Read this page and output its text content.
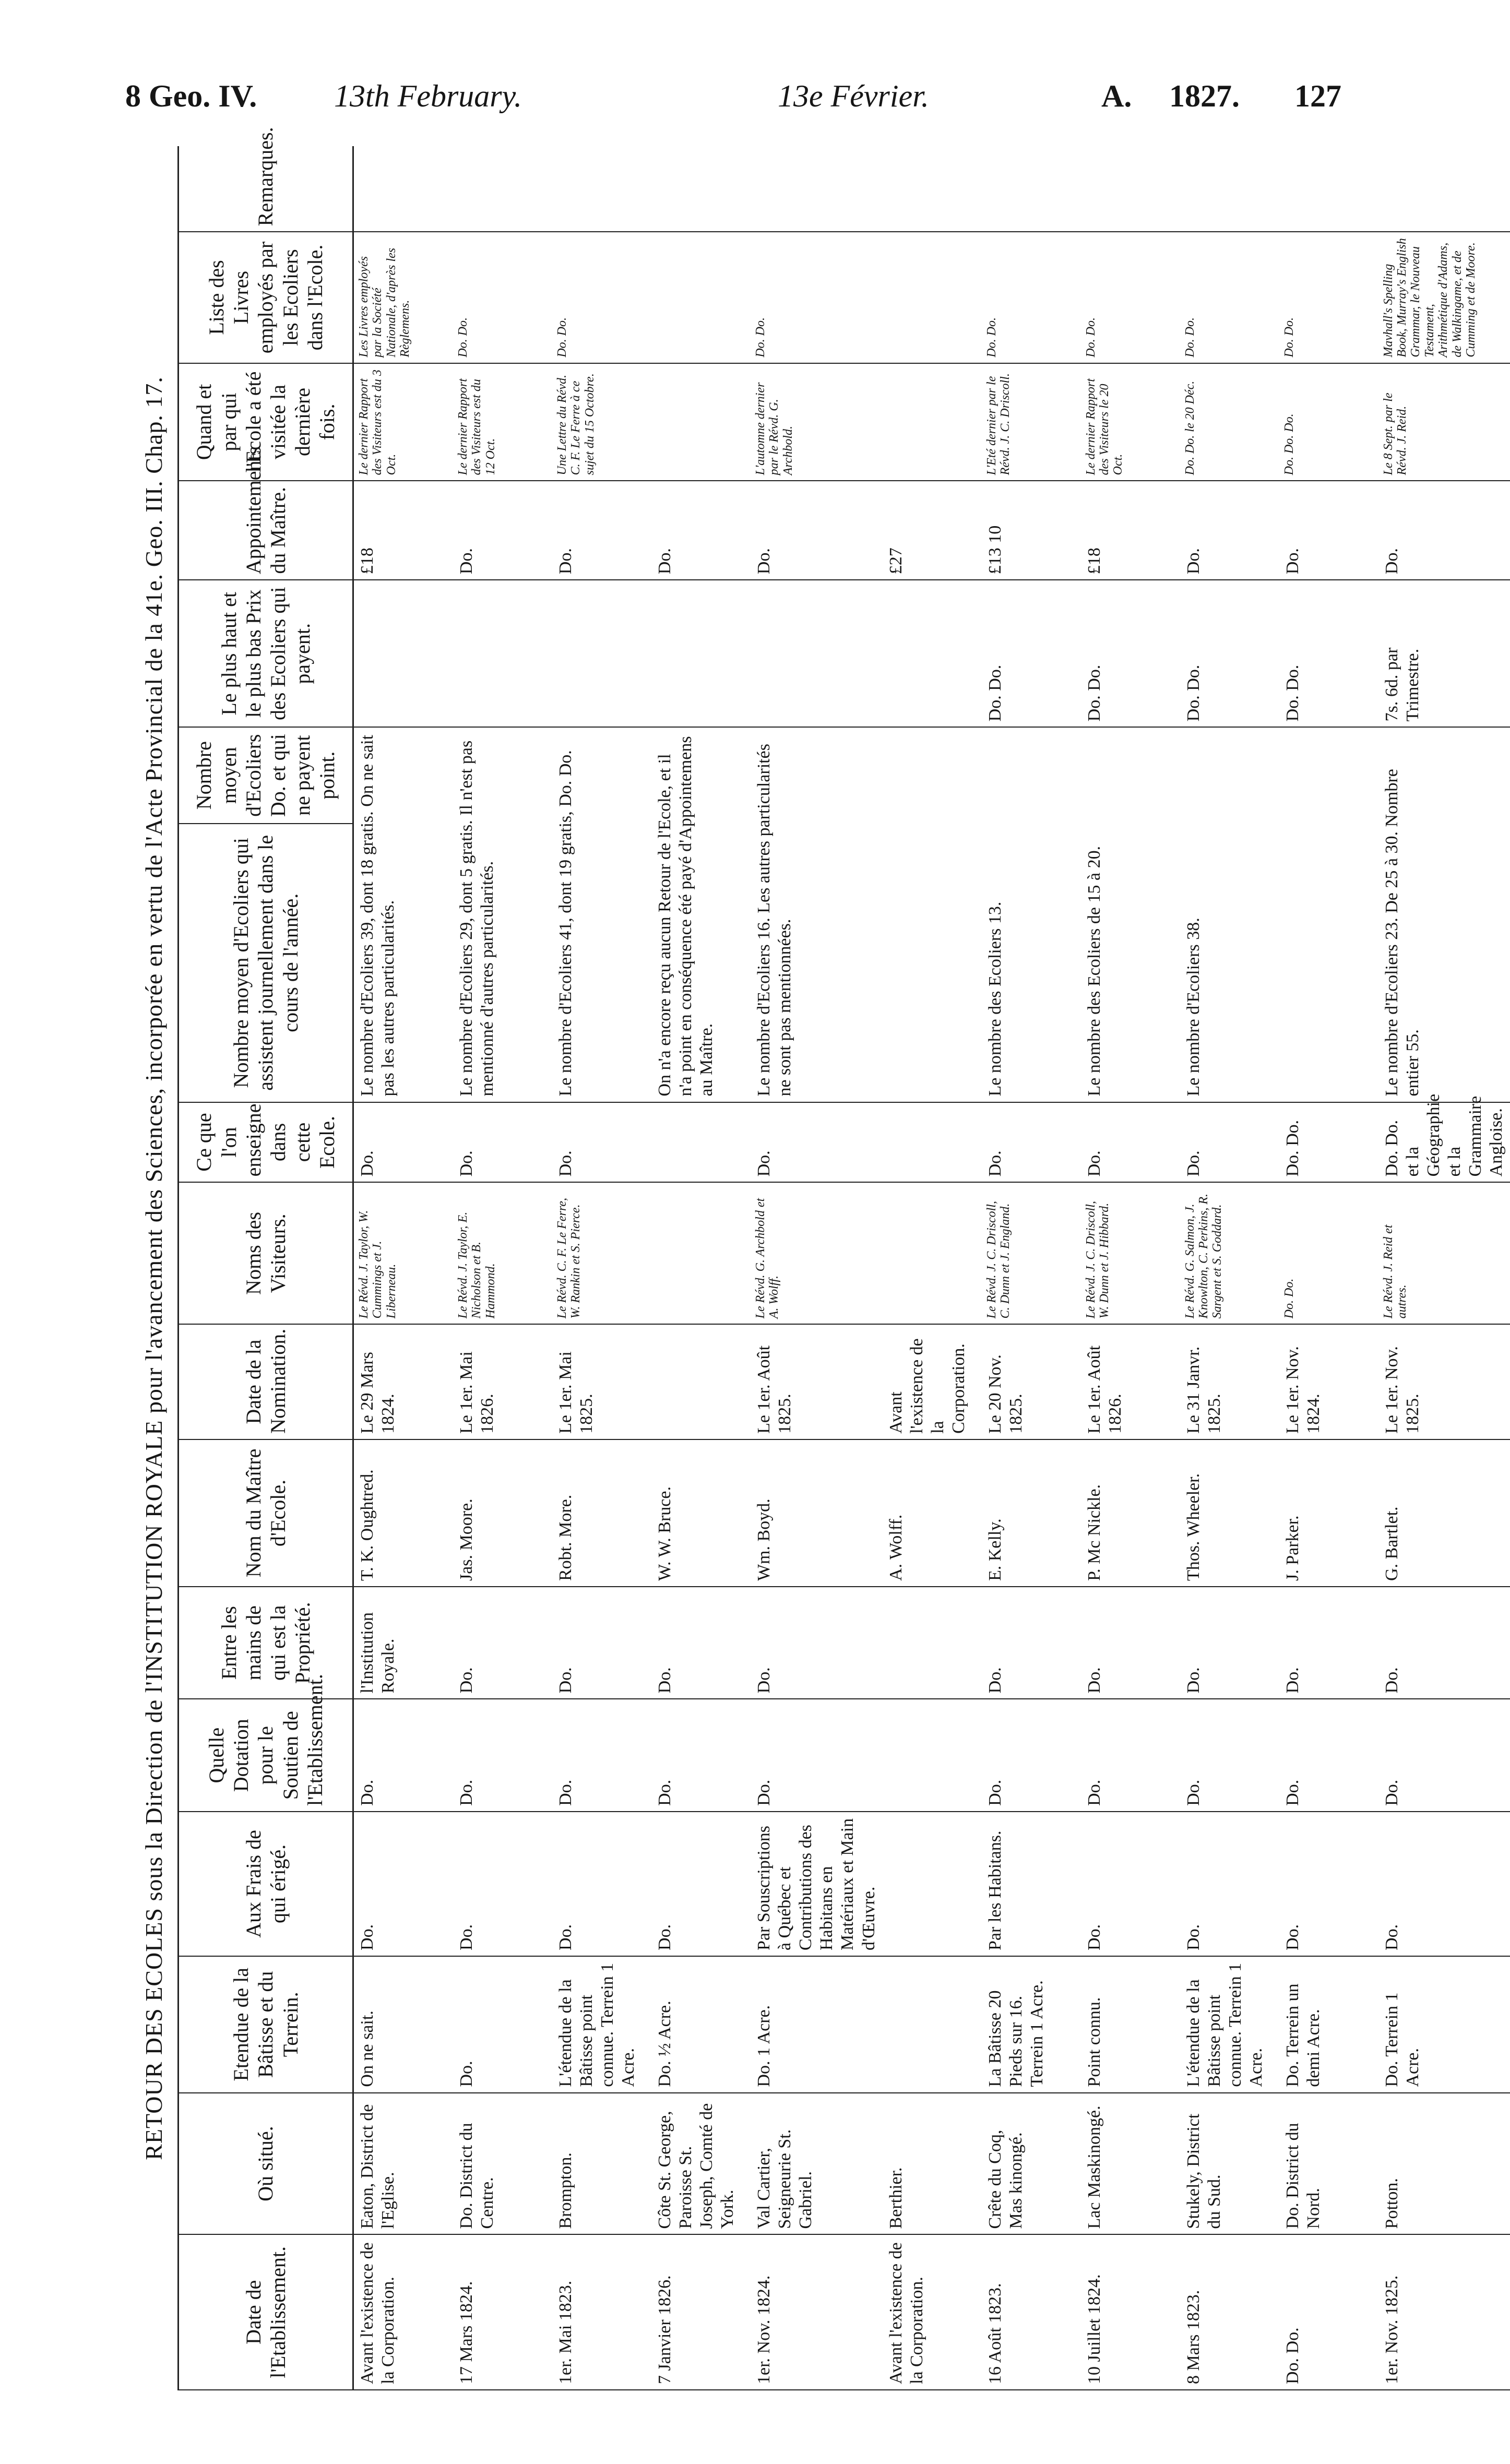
8 Geo. IV. 13th February.	13e Février.	A. 1827. 127
RETOUR DES ECOLES sous la Direction de l'INSTITUTION ROYALE pour l'avancement des Sciences, incorporée en vertu de l'Acte Provincial de la 41e. Geo. III. Chap. 17.
Date de l'Etablissement.	Où situé.	Etendue de la Bâtisse et du Terrein.	Aux Frais de qui érigé.	Quelle Dotation pour le Soutien de l'Etablissement.	Entre les mains de qui est la Propriété.	Nom du Maître d'Ecole.	Date de la Nomination.	Noms des Visiteurs.	Ce que l'on enseigne dans cette Ecole.	Nombre moyen d'Ecoliers qui assistent journellement dans le cours de l'année.	Nombre moyen d'Ecoliers Do. et qui ne payent point.	Le plus haut et le plus bas Prix des Ecoliers qui payent.	Appointements du Maître.	Quand et par qui l'Ecole a été visitée la dernière fois.	Liste des Livres employés par les Ecoliers dans l'Ecole.	Remarques.
Avant l'existence de la Corporation.	Eaton, District de l'Eglise.	On ne sait.	Do.	Do.	l'Institution Royale.	T. K. Oughtred.	Le 29 Mars 1824.	Le Révd. J. Taylor, W. Cummings et J. Liberneau.	Do.	Le nombre d'Ecoliers 39, dont 18 gratis. On ne sait pas les autres particularités.			£18	Le dernier Rapport des Visiteurs est du 3 Oct.	Les Livres employés par la Société Nationale, d'après les Règlemens.	
17 Mars 1824.	Do. District du Centre.	Do.	Do.	Do.	Do.	Jas. Moore.	Le 1er. Mai 1826.	Le Révd. J. Taylor, E. Nicholson et B. Hammond.	Do.	Le nombre d'Ecoliers 29, dont 5 gratis. Il n'est pas mentionné d'autres particularités.			Do.	Le dernier Rapport des Visiteurs est du 12 Oct.	Do. Do.	
1er. Mai 1823.	Brompton.	L'étendue de la Bâtisse point connue. Terrein 1 Acre.	Do.	Do.	Do.	Robt. More.	Le 1er. Mai 1825.	Le Révd. C. F. Le Ferre, W. Rankin et S. Pierce.	Do.	Le nombre d'Ecoliers 41, dont 19 gratis, Do. Do.			Do.	Une Lettre du Révd. C. F. Le Ferre à ce sujet du 15 Octobre.	Do. Do.	
7 Janvier 1826.	Côte St. George, Paroisse St. Joseph, Comté de York.	Do. ½ Acre.	Do.	Do.	Do.	W. W. Bruce.				On n'a encore reçu aucun Retour de l'Ecole, et il n'a point en conséquence été payé d'Appointemens au Maître.			Do.			
1er. Nov. 1824.	Val Cartier, Seigneurie St. Gabriel.	Do. 1 Acre.	Par Souscriptions à Québec et Contributions des Habitans en Matériaux et Main d'Œuvre.	Do.	Do.	Wm. Boyd.	Le 1er. Août 1825.	Le Révd. G. Archbold et A. Wolff.	Do.	Le nombre d'Ecoliers 16. Les autres particularités ne sont pas mentionnées.			Do.	L'automne dernier par le Révd. G. Archbold.	Do. Do.	
Avant l'existence de la Corporation.	Berthier.					A. Wolff.	Avant l'existence de la Corporation.						£27			
16 Août 1823.	Crête du Coq, Mas kinongé.	La Bâtisse 20 Pieds sur 16. Terrein 1 Acre.	Par les Habitans.	Do.	Do.	E. Kelly.	Le 20 Nov. 1825.	Le Révd. J. C. Driscoll, C. Dunn et J. England.	Do.	Le nombre des Ecoliers 13.		Do. Do.	£13 10	L'Eté dernier par le Révd. J. C. Driscoll.	Do. Do.	
10 Juillet 1824.	Lac Maskinongé.	Point connu.	Do.	Do.	Do.	P. Mc Nickle.	Le 1er. Août 1826.	Le Révd. J. C. Driscoll, W. Dunn et J. Hibbard.	Do.	Le nombre des Ecoliers de 15 à 20.		Do. Do.	£18	Le dernier Rapport des Visiteurs le 20 Oct.	Do. Do.	
8 Mars 1823.	Stukely, District du Sud.	L'étendue de la Bâtisse point connue. Terrein 1 Acre.	Do.	Do.	Do.	Thos. Wheeler.	Le 31 Janvr. 1825.	Le Révd. G. Salmon, J. Knowlton, C. Perkins, R. Sargent et S. Goddard.	Do.	Le nombre d'Ecoliers 38.		Do. Do.	Do.	Do. Do. le 20 Déc.	Do. Do.	
Do. Do.	Do. District du Nord.	Do. Terrein un demi Acre.	Do.	Do.	Do.	J. Parker.	Le 1er. Nov. 1824.	Do. Do.	Do. Do.			Do. Do.	Do.	Do. Do. Do.	Do. Do.	
1er. Nov. 1825.	Potton.	Do. Terrein 1 Acre.	Do.	Do.	Do.	G. Bartlet.	Le 1er. Nov. 1825.	Le Révd. J. Reid et autres.	Do. Do. et la Géographie et la Grammaire Angloise.	Le nombre d'Ecoliers 23. De 25 à 30. Nombre entier 55.		7s. 6d. par Trimestre.	Do.	Le 8 Sept. par le Révd. J. Reid.	Mavhall's Spelling Book, Murray's English Grammar, le Nouveau Testament, Arithmétique d'Adams, de Walkingame, et de Cumming et de Moore.	
